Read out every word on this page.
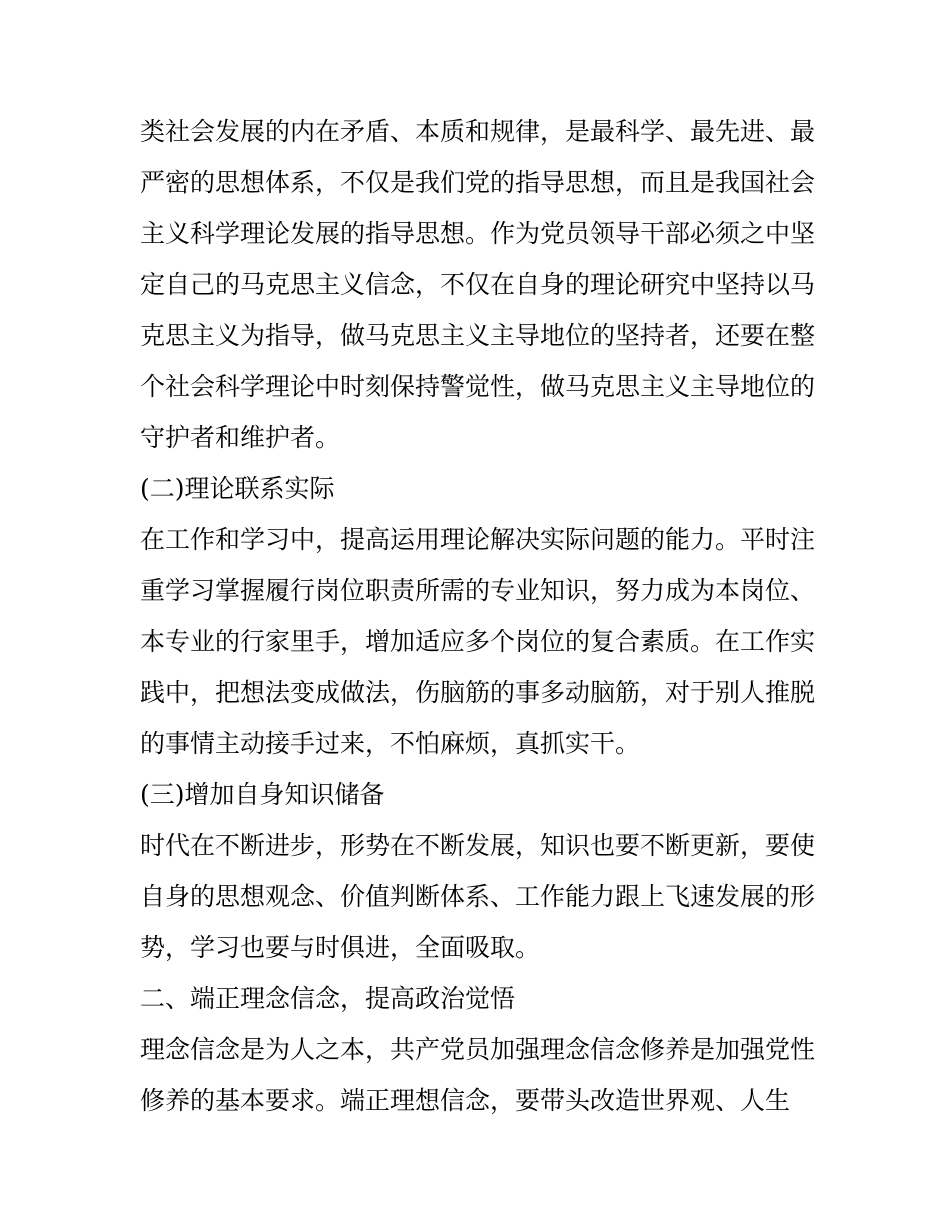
类社会发展的内在矛盾、本质和规律，是最科学、最先进、最
严密的思想体系，不仅是我们党的指导思想，而且是我国社会
主义科学理论发展的指导思想。作为党员领导干部必须之中坚
定自己的马克思主义信念，不仅在自身的理论研究中坚持以马
克思主义为指导，做马克思主义主导地位的坚持者，还要在整
个社会科学理论中时刻保持警觉性，做马克思主义主导地位的
守护者和维护者。
(二)理论联系实际
在工作和学习中，提高运用理论解决实际问题的能力。平时注
重学习掌握履行岗位职责所需的专业知识，努力成为本岗位、
本专业的行家里手，增加适应多个岗位的复合素质。在工作实
践中，把想法变成做法，伤脑筋的事多动脑筋，对于别人推脱
的事情主动接手过来，不怕麻烦，真抓实干。
(三)增加自身知识储备
时代在不断进步，形势在不断发展，知识也要不断更新，要使
自身的思想观念、价值判断体系、工作能力跟上飞速发展的形
势，学习也要与时俱进，全面吸取。
二、端正理念信念，提高政治觉悟
理念信念是为人之本，共产党员加强理念信念修养是加强党性
修养的基本要求。端正理想信念，要带头改造世界观、人生
